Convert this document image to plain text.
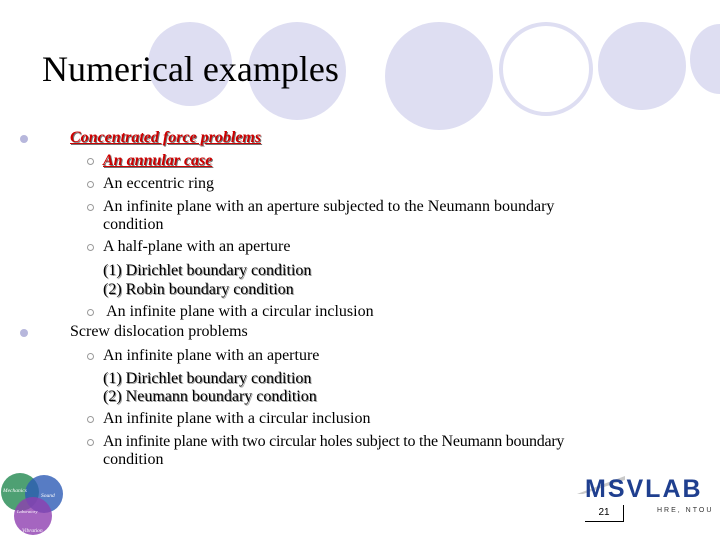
Numerical examples
Concentrated force problems
An annular case
An eccentric ring
An infinite plane with an aperture subjected to the Neumann boundary
condition
A half-plane with an aperture
(1) Dirichlet boundary condition
(2) Robin boundary condition
An infinite plane with a circular inclusion
Screw dislocation problems
An infinite plane with an aperture
(1) Dirichlet boundary condition
(2) Neumann boundary condition
An infinite plane with a circular inclusion
An infinite plane with two circular holes subject to the Neumann boundary
condition
Mechanics
Sound
Vibration
Laboratory
MSVLAB
HRE, NTOU
21
